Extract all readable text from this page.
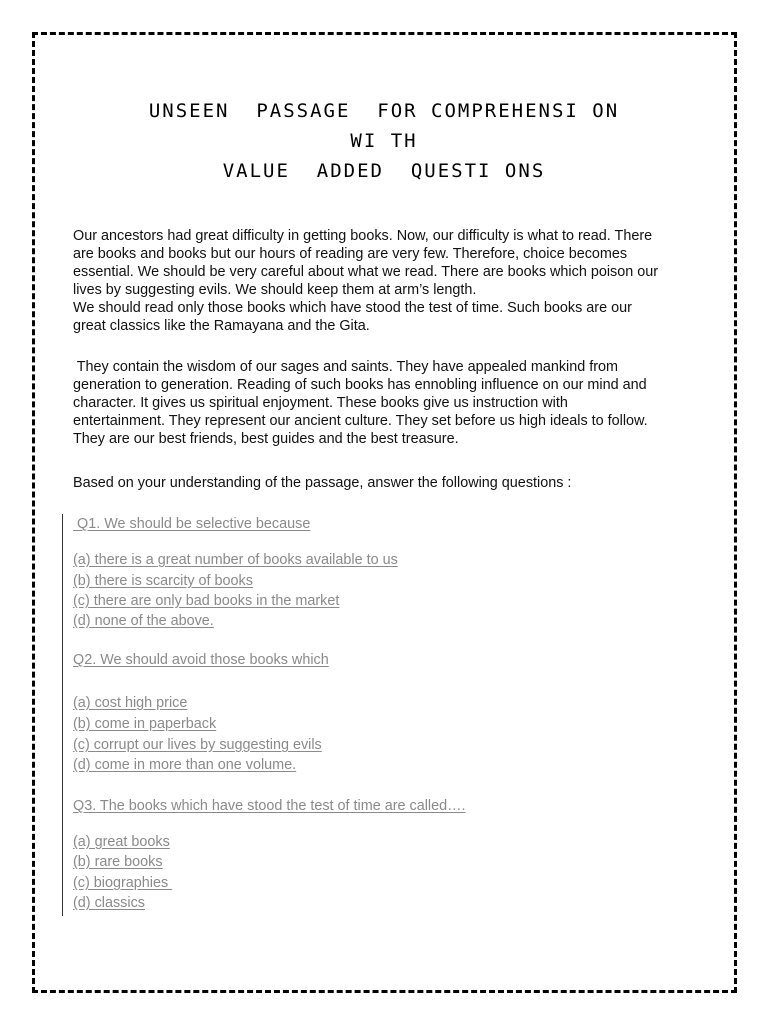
UNSEEN  PASSAGE  FOR COMPREHENSI ON
WI TH
VALUE  ADDED  QUESTI ONS

Our ancestors had great difficulty in getting books. Now, our difficulty is what to read. There

are books and books but our hours of reading are very few. Therefore, choice becomes

essential. We should be very careful about what we read. There are books which poison our

lives by suggesting evils. We should keep them at arm’s length.

We should read only those books which have stood the test of time. Such books are our

great classics like the Ramayana and the Gita.

They contain the wisdom of our sages and saints. They have appealed mankind from

generation to generation. Reading of such books has ennobling influence on our mind and

character. It gives us spiritual enjoyment. These books give us instruction with

entertainment. They represent our ancient culture. They set before us high ideals to follow.

They are our best friends, best guides and the best treasure.

Based on your understanding of the passage, answer the following questions :
Q1. We should be selective because
(a) there is a great number of books available to us
(b) there is scarcity of books
(c) there are only bad books in the market
(d) none of the above.
Q2. We should avoid those books which
(a) cost high price
(b) come in paperback
(c) corrupt our lives by suggesting evils
(d) come in more than one volume.
Q3. The books which have stood the test of time are called….
(a) great books
(b) rare books
(c) biographies
(d) classics
